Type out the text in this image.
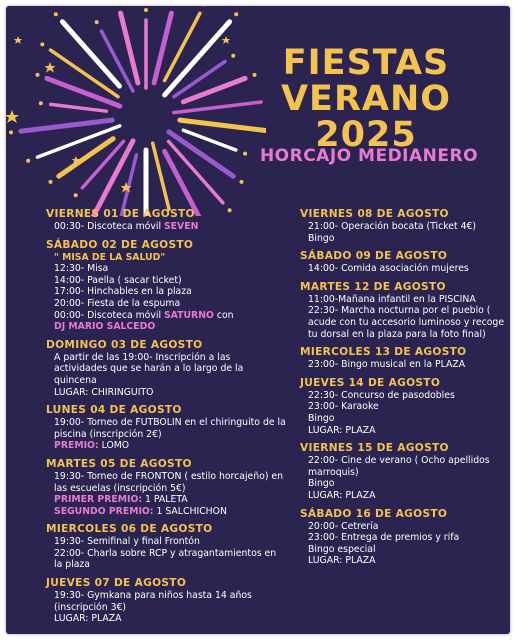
FIESTAS
VERANO
2025
HORCAJO MEDIANERO
VIERNES 01 DE AGOSTO
00:30- Discoteca móvil SEVEN
SÁBADO 02 DE AGOSTO
" MISA DE LA SALUD"
12:30- Misa
14:00- Paella ( sacar ticket)
17:00- Hinchables en la plaza
20:00- Fiesta de la espuma
00:00- Discoteca móvil SATURNO con
DJ MARIO SALCEDO
DOMINGO 03 DE AGOSTO
A partir de las 19:00- Inscripción a las actividades que se harán a lo largo de la quincena
LUGAR: CHIRINGUITO
LUNES 04 DE AGOSTO
19:00- Torneo de FUTBOLIN en el chiringuito de la piscina (inscripción 2€)
PREMIO: LOMO
MARTES 05 DE AGOSTO
19:30- Torneo de FRONTON ( estilo horcajeño) en las escuelas (inscripción 5€)
PRIMER PREMIO: 1 PALETA
SEGUNDO PREMIO: 1 SALCHICHON
MIERCOLES 06 DE AGOSTO
19:30- Semifinal y final Frontón
22:00- Charla sobre RCP y atragantamientos en la plaza
JUEVES 07 DE AGOSTO
19:30- Gymkana para niños hasta 14 años (inscripción 3€)
LUGAR: PLAZA
VIERNES 08 DE AGOSTO
21:00- Operación bocata (Ticket 4€)
Bingo
SÁBADO 09 DE AGOSTO
14:00- Comida asociación mujeres
MARTES 12 DE AGOSTO
11:00-Mañana infantil en la PISCINA
22:30- Marcha nocturna por el pueblo ( acude con tu accesorio luminoso y recoge tu dorsal en la plaza para la foto final)
MIERCOLES 13 DE AGOSTO
23:00- Bingo musical en la PLAZA
JUEVES 14 DE AGOSTO
22:30- Concurso de pasodobles
23:00- Karaoke
Bingo
LUGAR: PLAZA
VIERNES 15 DE AGOSTO
22:00- Cine de verano ( Ocho apellidos marroquis)
Bingo
LUGAR: PLAZA
SÁBADO 16 DE AGOSTO
20:00- Cetrería
23:00- Entrega de premios y rifa
Bingo especial
LUGAR: PLAZA
